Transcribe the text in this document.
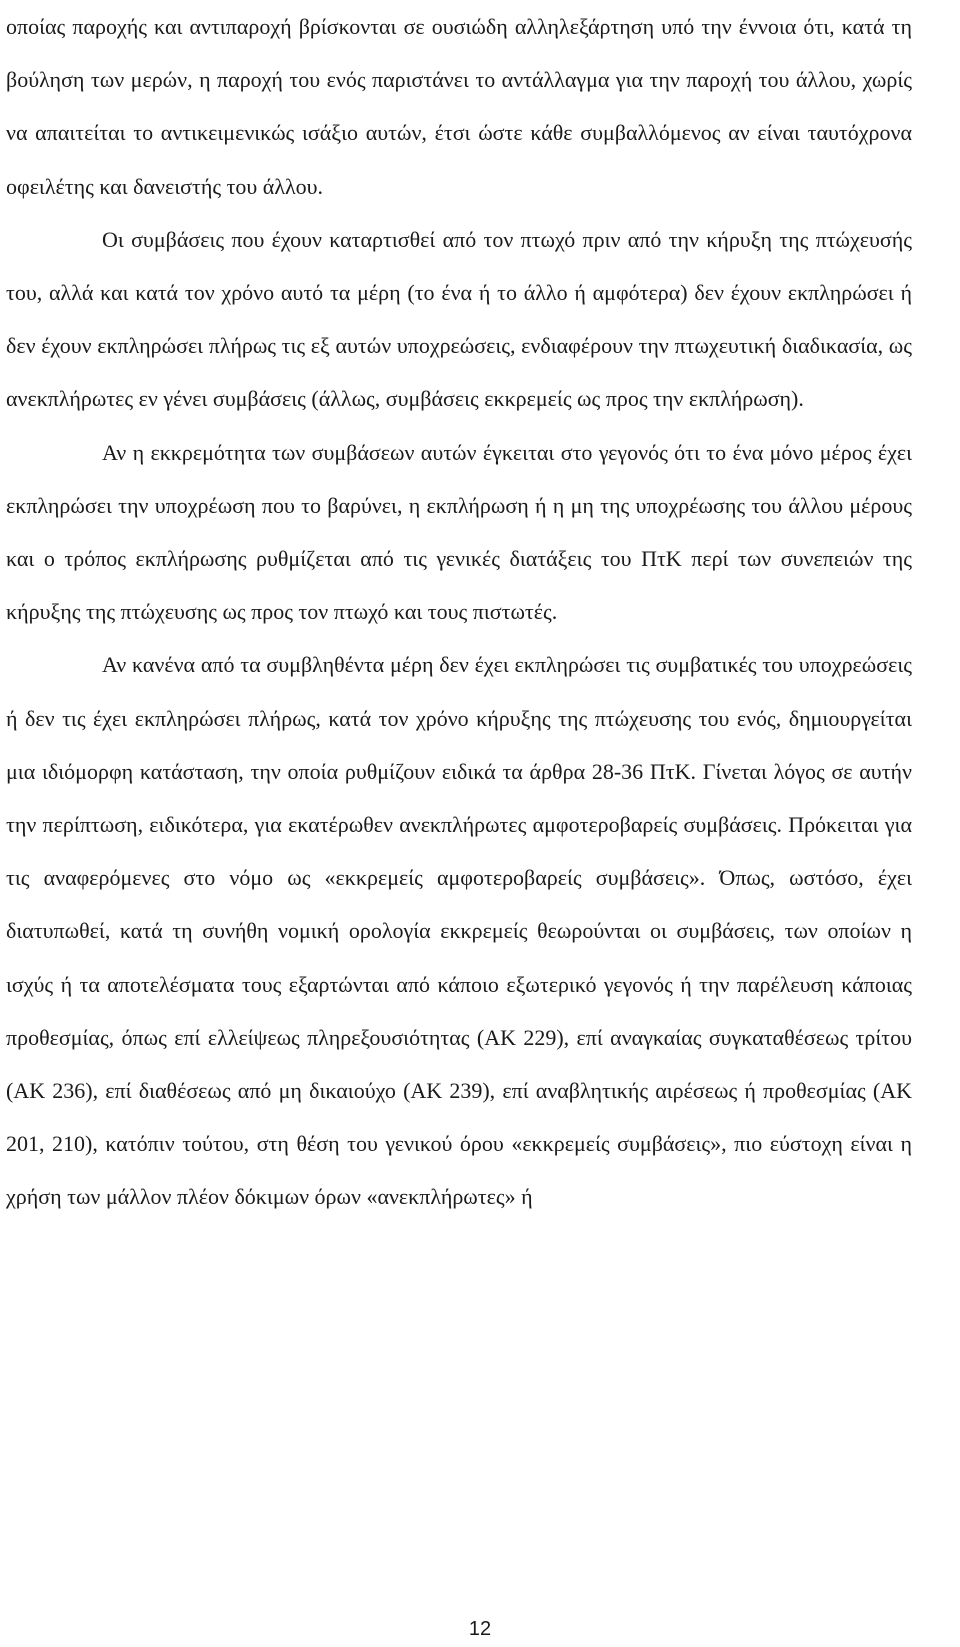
οποίας παροχής και αντιπαροχή βρίσκονται σε ουσιώδη αλληλεξάρτηση υπό την έννοια ότι, κατά τη βούληση των μερών, η παροχή του ενός παριστάνει το αντάλλαγμα για την παροχή του άλλου, χωρίς να απαιτείται το αντικειμενικώς ισάξιο αυτών, έτσι ώστε κάθε συμβαλλόμενος αν είναι ταυτόχρονα οφειλέτης και δανειστής του άλλου.

Οι συμβάσεις που έχουν καταρτισθεί από τον πτωχό πριν από την κήρυξη της πτώχευσής του, αλλά και κατά τον χρόνο αυτό τα μέρη (το ένα ή το άλλο ή αμφότερα) δεν έχουν εκπληρώσει ή δεν έχουν εκπληρώσει πλήρως τις εξ αυτών υποχρεώσεις, ενδιαφέρουν την πτωχευτική διαδικασία, ως ανεκπλήρωτες εν γένει συμβάσεις (άλλως, συμβάσεις εκκρεμείς ως προς την εκπλήρωση).

Αν η εκκρεμότητα των συμβάσεων αυτών έγκειται στο γεγονός ότι το ένα μόνο μέρος έχει εκπληρώσει την υποχρέωση που το βαρύνει, η εκπλήρωση ή η μη της υποχρέωσης του άλλου μέρους και ο τρόπος εκπλήρωσης ρυθμίζεται από τις γενικές διατάξεις του ΠτΚ περί των συνεπειών της κήρυξης της πτώχευσης ως προς τον πτωχό και τους πιστωτές.

Αν κανένα από τα συμβληθέντα μέρη δεν έχει εκπληρώσει τις συμβατικές του υποχρεώσεις ή δεν τις έχει εκπληρώσει πλήρως, κατά τον χρόνο κήρυξης της πτώχευσης του ενός, δημιουργείται μια ιδιόμορφη κατάσταση, την οποία ρυθμίζουν ειδικά τα άρθρα 28-36 ΠτΚ. Γίνεται λόγος σε αυτήν την περίπτωση, ειδικότερα, για εκατέρωθεν ανεκπλήρωτες αμφοτεροβαρείς συμβάσεις. Πρόκειται για τις αναφερόμενες στο νόμο ως «εκκρεμείς αμφοτεροβαρείς συμβάσεις». Όπως, ωστόσο, έχει διατυπωθεί, κατά τη συνήθη νομική ορολογία εκκρεμείς θεωρούνται οι συμβάσεις, των οποίων η ισχύς ή τα αποτελέσματα τους εξαρτώνται από κάποιο εξωτερικό γεγονός ή την παρέλευση κάποιας προθεσμίας, όπως επί ελλείψεως πληρεξουσιότητας (ΑΚ 229), επί αναγκαίας συγκαταθέσεως τρίτου (ΑΚ 236), επί διαθέσεως από μη δικαιούχο (ΑΚ 239), επί αναβλητικής αιρέσεως ή προθεσμίας (ΑΚ 201, 210), κατόπιν τούτου, στη θέση του γενικού όρου «εκκρεμείς συμβάσεις», πιο εύστοχη είναι η χρήση των μάλλον πλέον δόκιμων όρων «ανεκπλήρωτες» ή

12
